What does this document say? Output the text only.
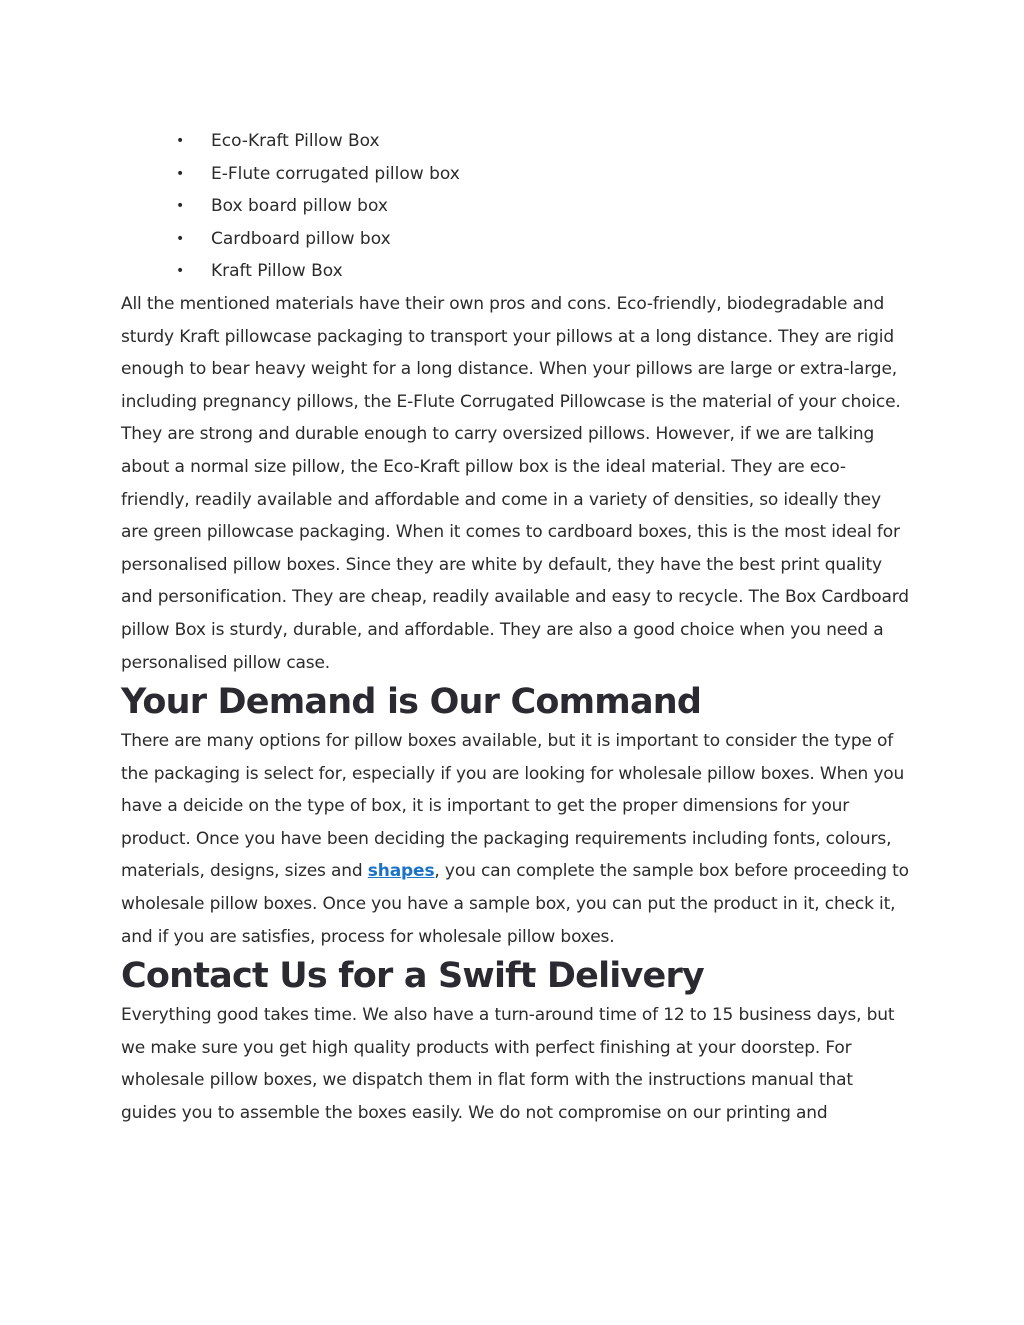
• Eco-Kraft Pillow Box
• E-Flute corrugated pillow box
• Box board pillow box
• Cardboard pillow box
• Kraft Pillow Box

All the mentioned materials have their own pros and cons. Eco-friendly, biodegradable and sturdy Kraft pillowcase packaging to transport your pillows at a long distance. They are rigid enough to bear heavy weight for a long distance. When your pillows are large or extra-large, including pregnancy pillows, the E-Flute Corrugated Pillowcase is the material of your choice.

They are strong and durable enough to carry oversized pillows. However, if we are talking about a normal size pillow, the Eco-Kraft pillow box is the ideal material. They are eco-friendly, readily available and affordable and come in a variety of densities, so ideally they are green pillowcase packaging. When it comes to cardboard boxes, this is the most ideal for personalised pillow boxes. Since they are white by default, they have the best print quality and personification. They are cheap, readily available and easy to recycle. The Box Cardboard pillow Box is sturdy, durable, and affordable. They are also a good choice when you need a personalised pillow case.

Your Demand is Our Command

There are many options for pillow boxes available, but it is important to consider the type of the packaging is select for, especially if you are looking for wholesale pillow boxes. When you have a deicide on the type of box, it is important to get the proper dimensions for your product. Once you have been deciding the packaging requirements including fonts, colours, materials, designs, sizes and shapes, you can complete the sample box before proceeding to wholesale pillow boxes. Once you have a sample box, you can put the product in it, check it, and if you are satisfies, process for wholesale pillow boxes.

Contact Us for a Swift Delivery

Everything good takes time. We also have a turn-around time of 12 to 15 business days, but we make sure you get high quality products with perfect finishing at your doorstep. For wholesale pillow boxes, we dispatch them in flat form with the instructions manual that guides you to assemble the boxes easily. We do not compromise on our printing and
